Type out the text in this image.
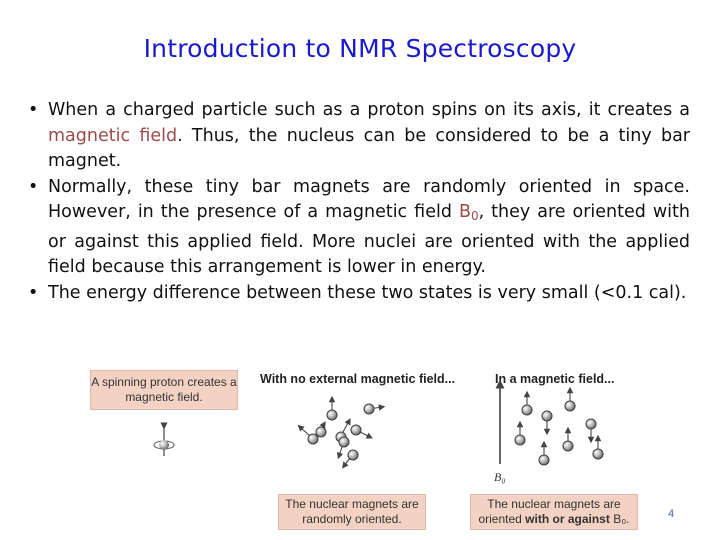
Introduction to NMR Spectroscopy
• When a charged particle such as a proton spins on its axis, it creates a magnetic field. Thus, the nucleus can be considered to be a tiny bar magnet.
• Normally, these tiny bar magnets are randomly oriented in space. However, in the presence of a magnetic field $B_0$, they are oriented with or against this applied field. More nuclei are oriented with the applied field because this arrangement is lower in energy.
• The energy difference between these two states is very small (<0.1 cal).
A spinning proton creates a magnetic field.
With no external magnetic field...	In a magnetic field...
B₀
The nuclear magnets are randomly oriented.
The nuclear magnets are oriented with or against B₀.	4
